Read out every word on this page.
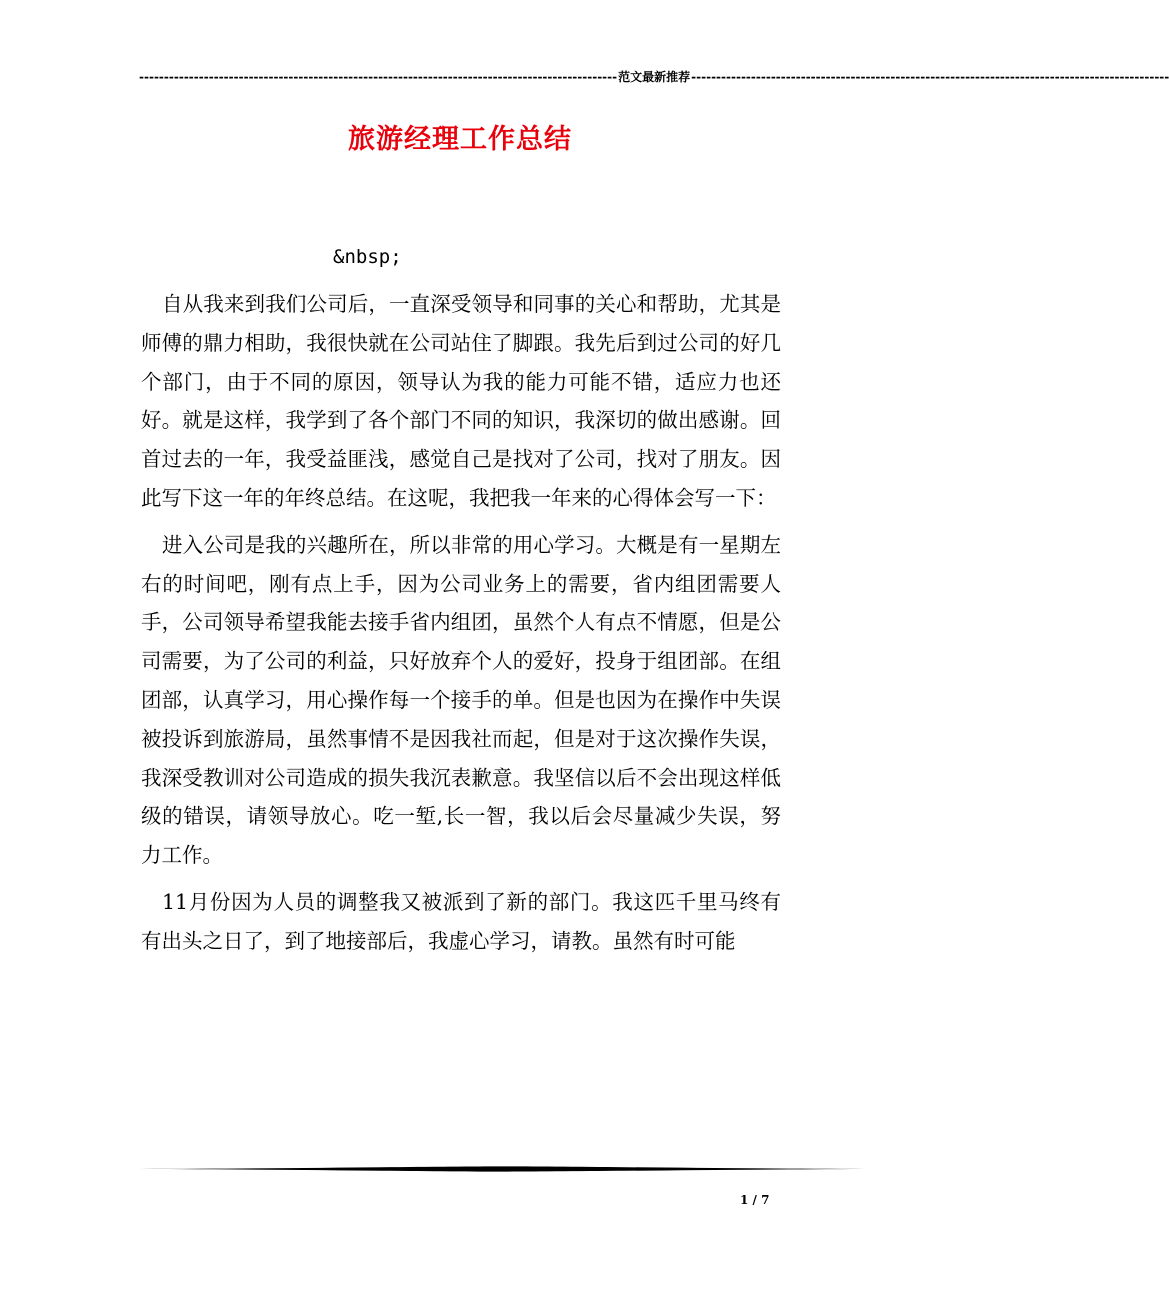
------------------------------------------------------------------------------------------------ 范文最新推荐 ------------------------------------------------------------------------------------------------
旅游经理工作总结
&nbsp;

自从我来到我们公司后，一直深受领导和同事的关心和帮助，尤其是师傅的鼎力相助，我很快就在公司站住了脚跟。我先后到过公司的好几个部门，由于不同的原因，领导认为我的能力可能不错，适应力也还好。就是这样，我学到了各个部门不同的知识，我深切的做出感谢。回首过去的一年，我受益匪浅，感觉自己是找对了公司，找对了朋友。因此写下这一年的年终总结。在这呢，我把我一年来的心得体会写一下：

进入公司是我的兴趣所在，所以非常的用心学习。大概是有一星期左右的时间吧，刚有点上手，因为公司业务上的需要，省内组团需要人手，公司领导希望我能去接手省内组团，虽然个人有点不情愿，但是公司需要，为了公司的利益，只好放弃个人的爱好，投身于组团部。在组团部，认真学习，用心操作每一个接手的单。但是也因为在操作中失误被投诉到旅游局，虽然事情不是因我社而起，但是对于这次操作失误，我深受教训对公司造成的损失我沉表歉意。我坚信以后不会出现这样低级的错误，请领导放心。吃一堑,长一智，我以后会尽量减少失误，努力工作。

11月份因为人员的调整我又被派到了新的部门。我这匹千里马终有有出头之日了，到了地接部后，我虚心学习，请教。虽然有时可能

1 / 7
